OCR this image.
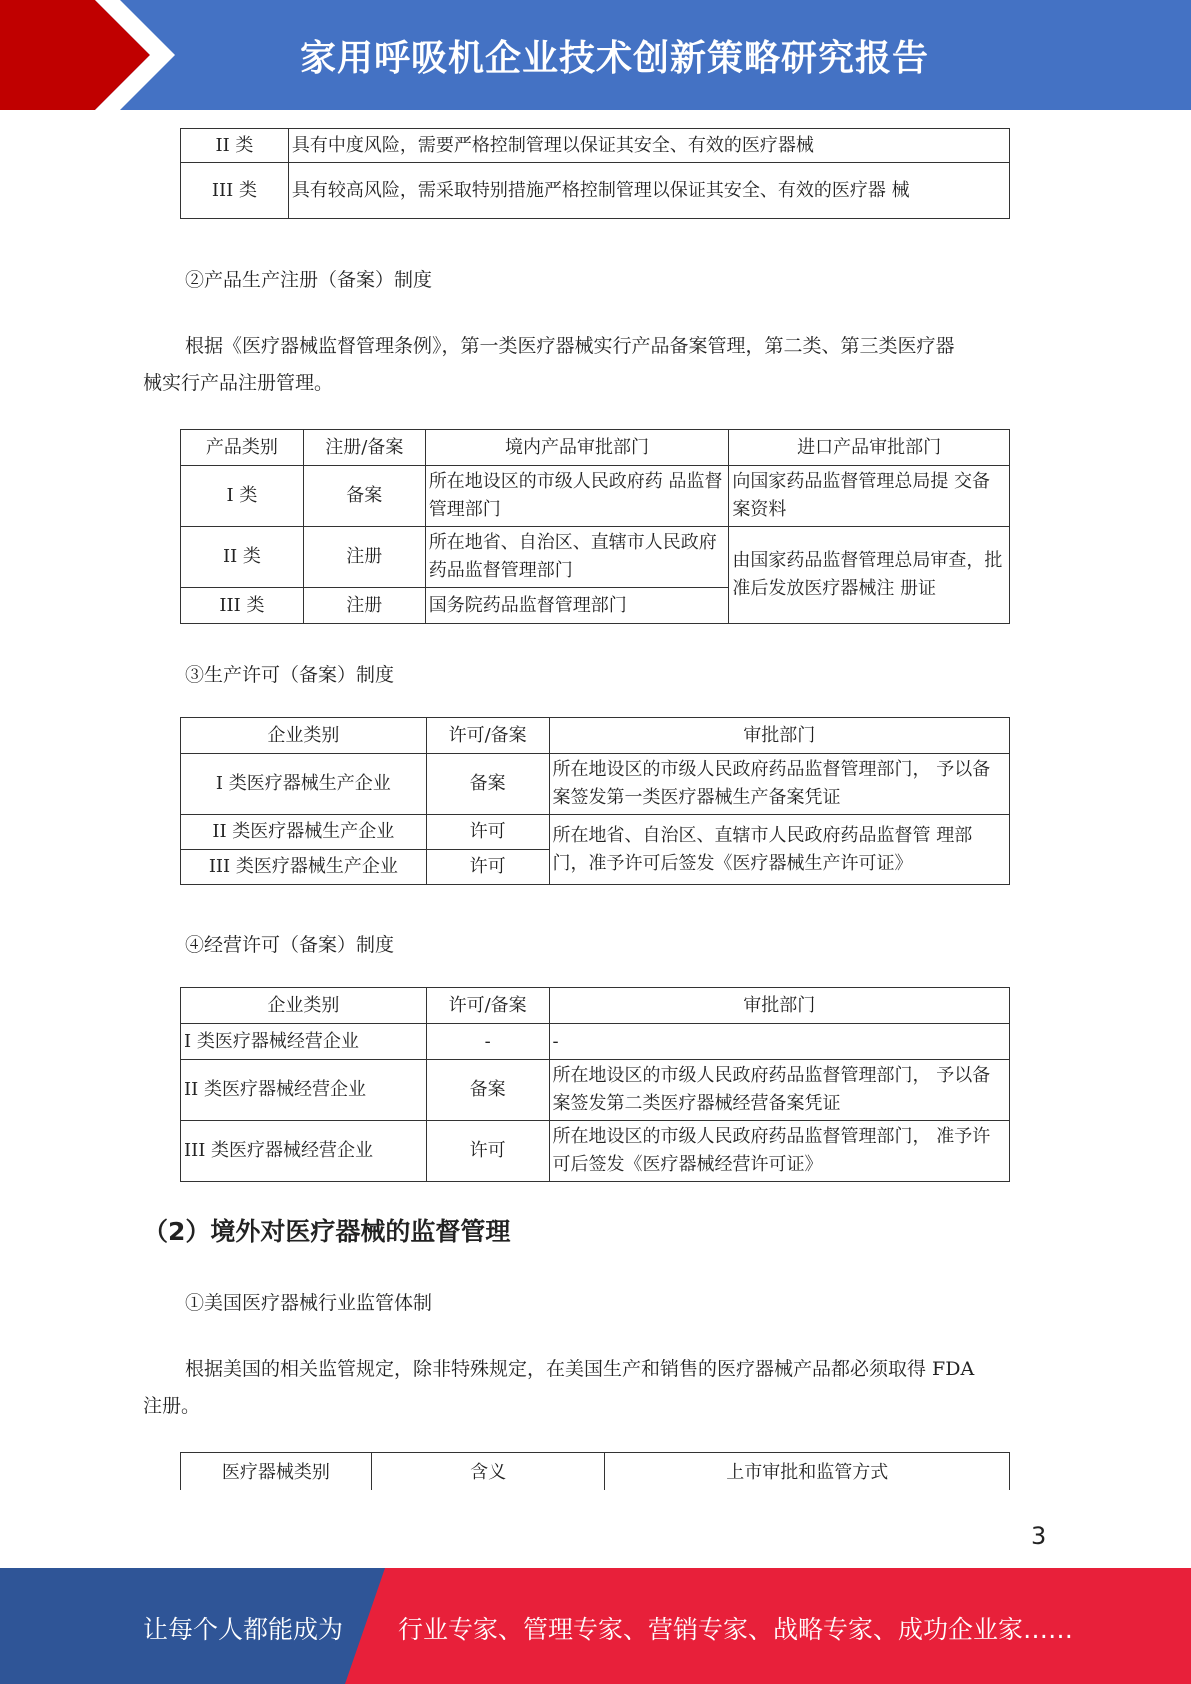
家用呼吸机企业技术创新策略研究报告
II 类	具有中度风险，需要严格控制管理以保证其安全、有效的医疗器械
III 类	具有较高风险，需采取特别措施严格控制管理以保证其安全、有效的医疗器 械
②产品生产注册（备案）制度
根据《医疗器械监督管理条例》，第一类医疗器械实行产品备案管理，第二类、第三类医疗器
械实行产品注册管理。
产品类别	注册/备案	境内产品审批部门	进口产品审批部门
I 类	备案	所在地设区的市级人民政府药 品监督管理部门	向国家药品监督管理总局提 交备案资料
II 类	注册	所在地省、自治区、直辖市人民政府药品监督管理部门	由国家药品监督管理总局审查，批准后发放医疗器械注 册证
III 类	注册	国务院药品监督管理部门	
③生产许可（备案）制度
企业类别	许可/备案	审批部门
I 类医疗器械生产企业	备案	所在地设区的市级人民政府药品监督管理部门， 予以备案签发第一类医疗器械生产备案凭证
II 类医疗器械生产企业	许可	所在地省、自治区、直辖市人民政府药品监督管 理部门，准予许可后签发《医疗器械生产许可证》
III 类医疗器械生产企业	许可	
④经营许可（备案）制度
企业类别	许可/备案	审批部门
I 类医疗器械经营企业	-	-
II 类医疗器械经营企业	备案	所在地设区的市级人民政府药品监督管理部门， 予以备案签发第二类医疗器械经营备案凭证
III 类医疗器械经营企业	许可	所在地设区的市级人民政府药品监督管理部门， 准予许可后签发《医疗器械经营许可证》
（2）境外对医疗器械的监督管理
①美国医疗器械行业监管体制
根据美国的相关监管规定，除非特殊规定，在美国生产和销售的医疗器械产品都必须取得 FDA
注册。
医疗器械类别	含义	上市审批和监管方式
3
让每个人都能成为 行业专家、管理专家、营销专家、战略专家、成功企业家……
